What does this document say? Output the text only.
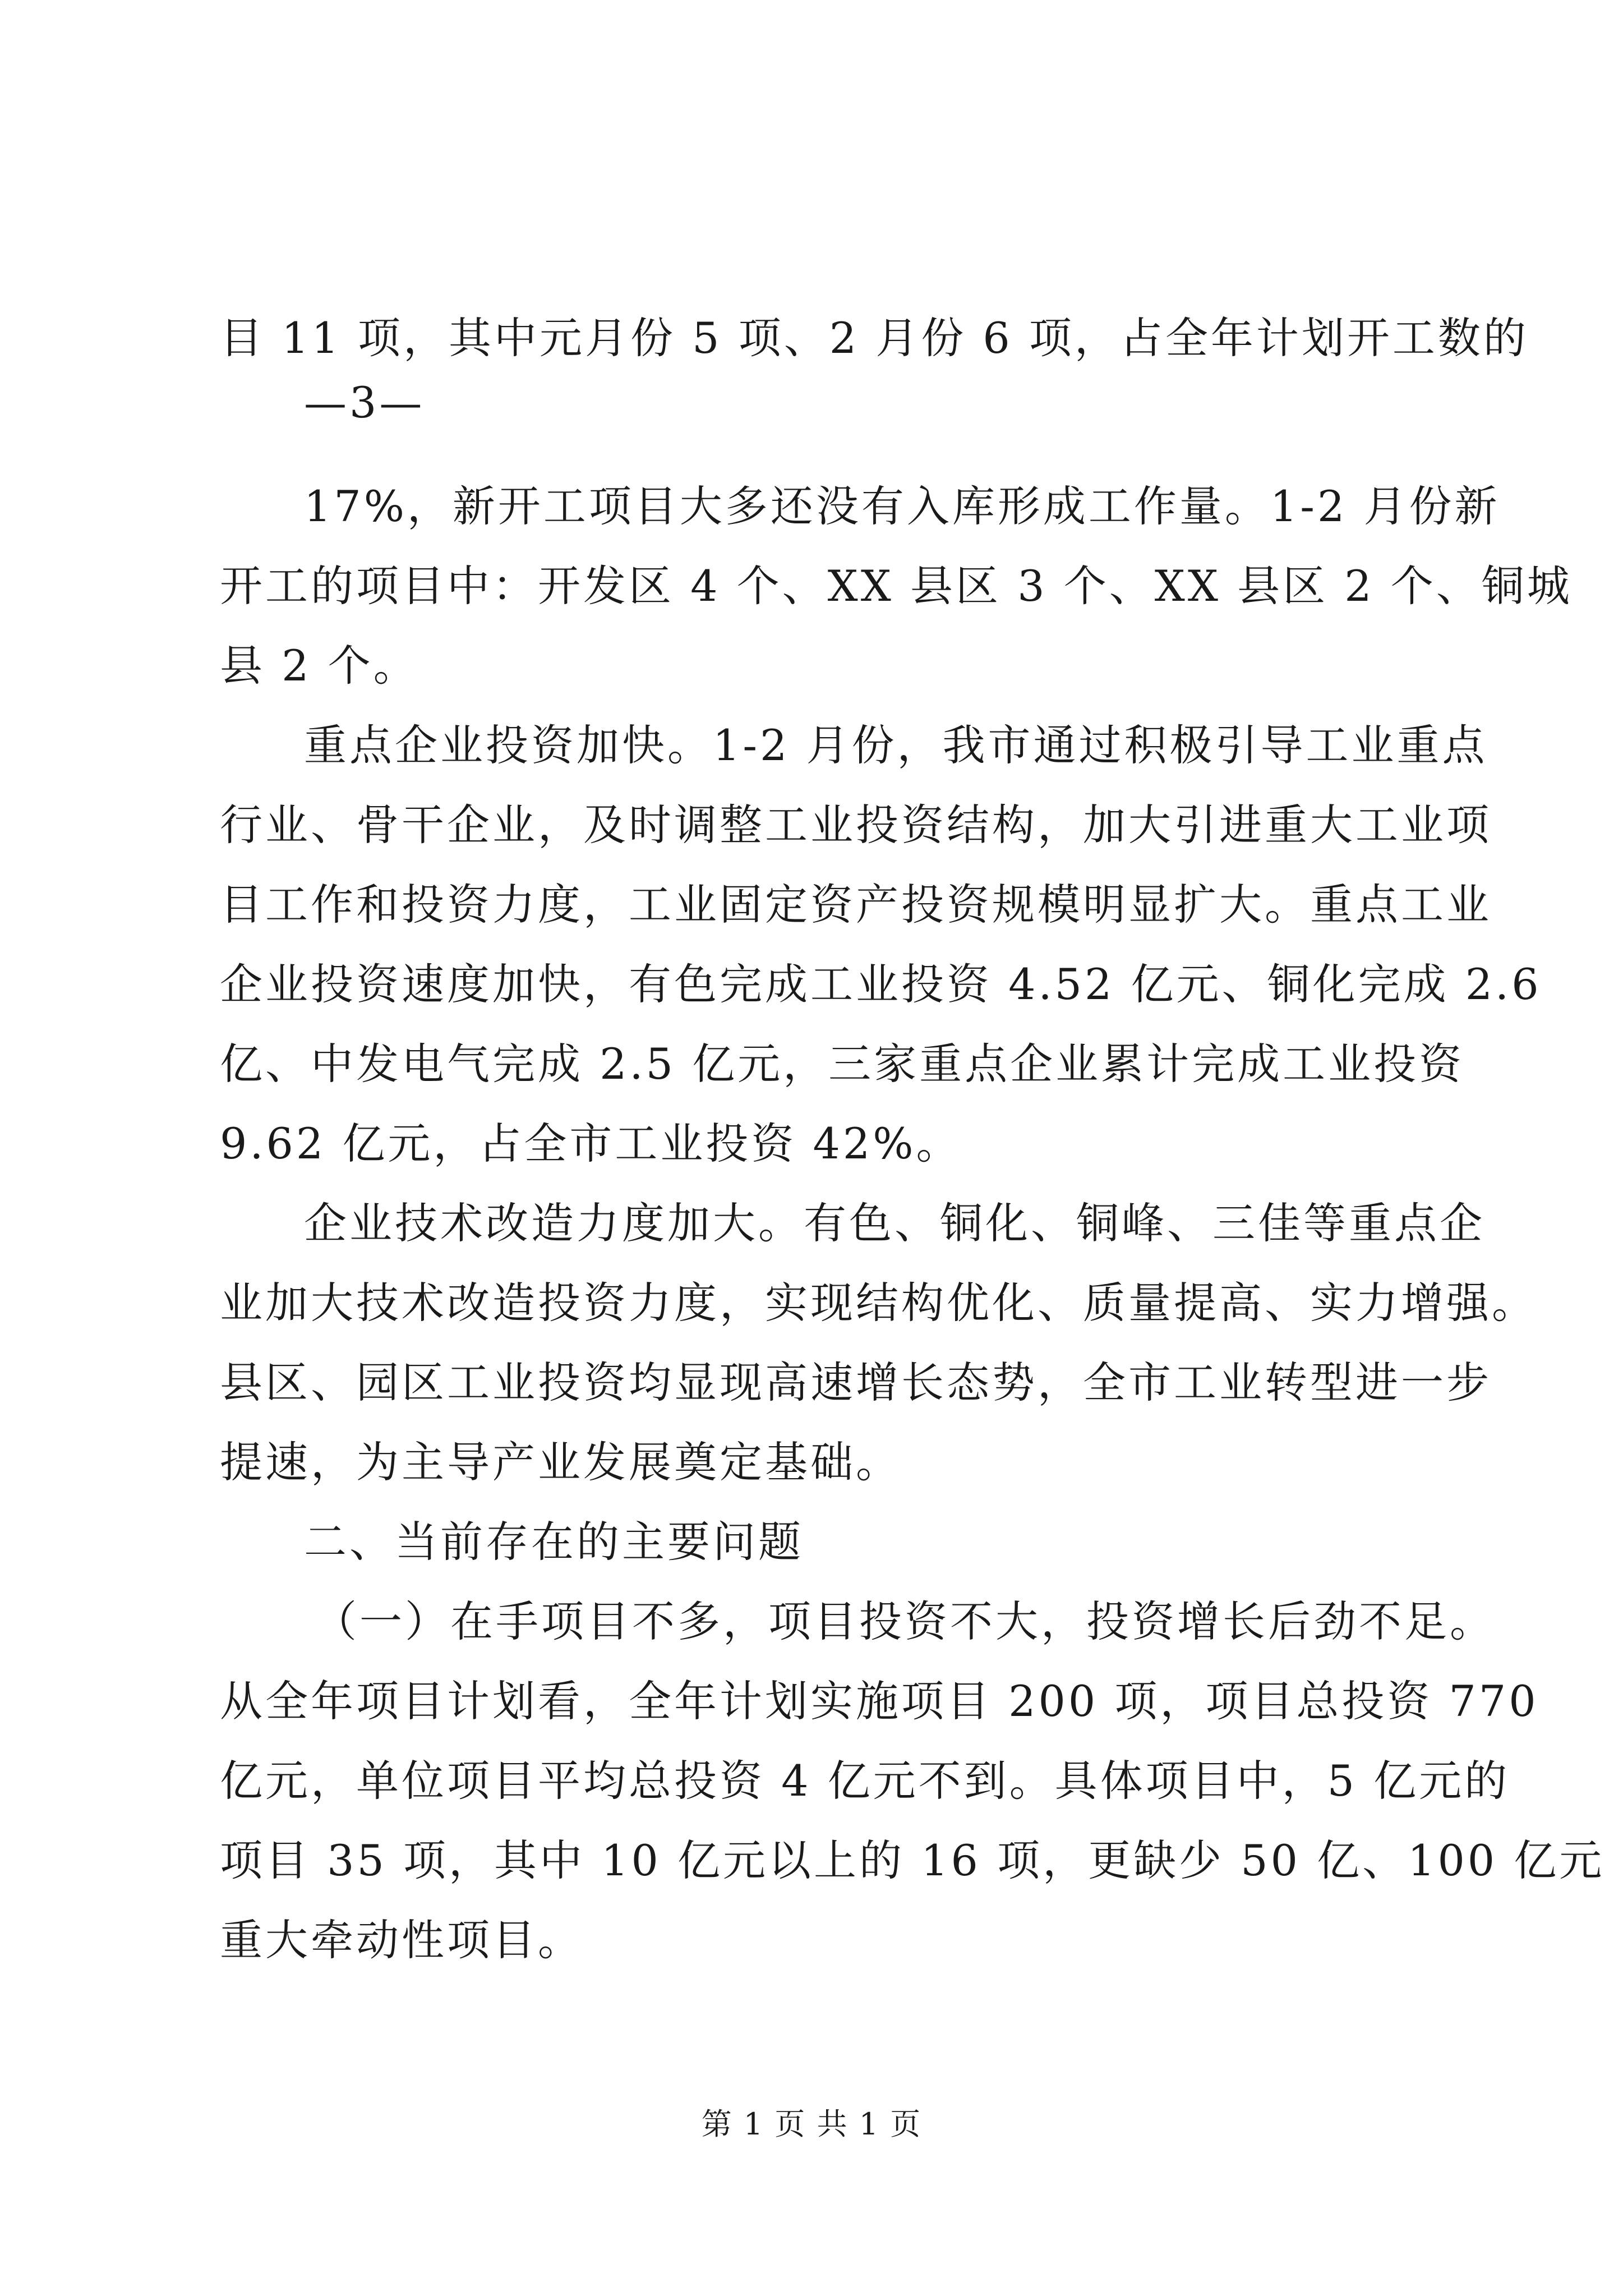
目 11 项，其中元月份 5 项、2 月份 6 项，占全年计划开工数的
—3—
17%，新开工项目大多还没有入库形成工作量。1-2 月份新
开工的项目中：开发区 4 个、XX 县区 3 个、XX 县区 2 个、铜城
县 2 个。
重点企业投资加快。1-2 月份，我市通过积极引导工业重点
行业、骨干企业，及时调整工业投资结构，加大引进重大工业项
目工作和投资力度，工业固定资产投资规模明显扩大。重点工业
企业投资速度加快，有色完成工业投资 4.52 亿元、铜化完成 2.6
亿、中发电气完成 2.5 亿元，三家重点企业累计完成工业投资
9.62 亿元，占全市工业投资 42%。
企业技术改造力度加大。有色、铜化、铜峰、三佳等重点企
业加大技术改造投资力度，实现结构优化、质量提高、实力增强。
县区、园区工业投资均显现高速增长态势，全市工业转型进一步
提速，为主导产业发展奠定基础。
二、当前存在的主要问题
（一）在手项目不多，项目投资不大，投资增长后劲不足。
从全年项目计划看，全年计划实施项目 200 项，项目总投资 770
亿元，单位项目平均总投资 4 亿元不到。具体项目中，5 亿元的
项目 35 项，其中 10 亿元以上的 16 项，更缺少 50 亿、100 亿元
重大牵动性项目。
第 1 页 共 1 页
